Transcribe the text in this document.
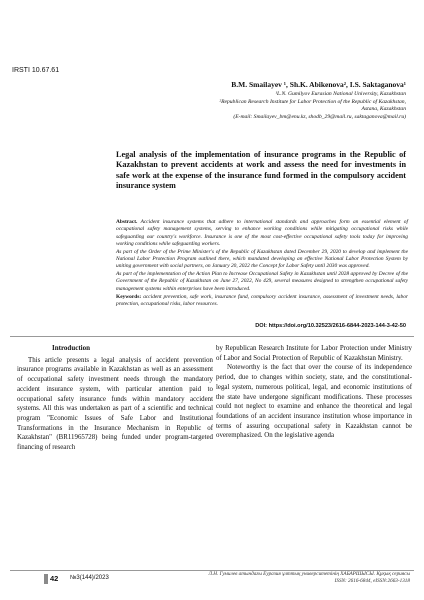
IRSTI 10.67.61
B.M. Smailayev ¹, Sh.K. Abikenova², I.S. Saktaganova¹
¹L.N. Gumilyov Eurasian National University, Kazakhstan
²Republican Research Institute for Labor Protection of the Republic of Kazakhstan,
Astana, Kazakhstan
(E-mail: Smailayev_bm@enu.kz, shodb_29@mail.ru, saktaganova@mail.ru)
Legal analysis of the implementation of insurance programs in the Republic of Kazakhstan to prevent accidents at work and assess the need for investments in safe work at the expense of the insurance fund formed in the compulsory accident insurance system

Abstract. Accident insurance systems that adhere to international standards and approaches form an essential element of occupational safety management systems, serving to enhance working conditions while mitigating occupational risks while safeguarding our country's workforce. Insurance is one of the most cost-effective occupational safety tools today for improving working conditions while safeguarding workers.

As part of the Order of the Prime Minister's of the Republic of Kazakhstan dated December 29, 2020 to develop and implement the National Labor Protection Program outlined there, which mandated developing an effective National Labor Protection System by uniting government with social partners, on January 20, 2022 the Concept for Labor Safety until 2030 was approved.

As part of the implementation of the Action Plan to Increase Occupational Safety in Kazakhstan until 2028 approved by Decree of the Government of the Republic of Kazakhstan on June 27, 2022, No 429, several measures designed to strengthen occupational safety management systems within enterprises have been introduced.

Keywords: accident prevention, safe work, insurance fund, compulsory accident insurance, assessment of investment needs, labor protection, occupational risks, labor resources.

DOI: https://doi.org/10.32523/2616-6844-2023-144-3-42-50

Introduction

This article presents a legal analysis of accident prevention insurance programs available in Kazakhstan as well as an assessment of occupational safety investment needs through the mandatory accident insurance system, with particular attention paid to occupational safety insurance funds within mandatory accident systems. All this was undertaken as part of a scientific and technical program "Economic Issues of Safe Labor and Institutional Transformations in the Insurance Mechanism in Republic of Kazakhstan" (BR11965728) being funded under program-targeted financing of research

by Republican Research Institute for Labor Protection under Ministry of Labor and Social Protection of Republic of Kazakhstan Ministry.

Noteworthy is the fact that over the course of its independence period, due to changes within society, state, and the constitutional-legal system, numerous political, legal, and economic institutions of the state have undergone significant modifications. These processes could not neglect to examine and enhance the theoretical and legal foundations of an accident insurance institution whose importance in terms of assuring occupational safety in Kazakhstan cannot be overemphasized. On the legislative agenda

42 №3(144)/2023
Л.Н. Гумилев атындағы Еуразия ұлттық университетінің ХАБАРШЫСЫ. Құқық сериясы
ISSN: 2616-6844, eISSN:2663-1318
